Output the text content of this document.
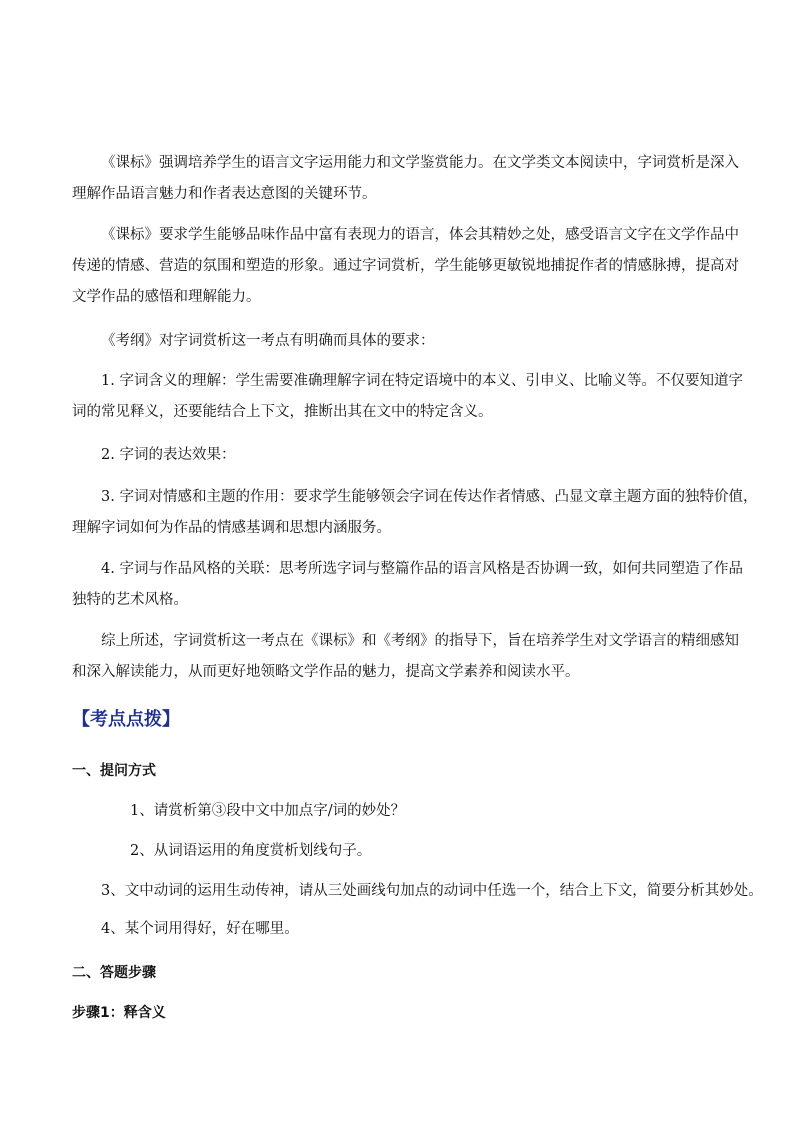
《课标》强调培养学生的语言文字运用能力和文学鉴赏能力。在文学类文本阅读中，字词赏析是深入
理解作品语言魅力和作者表达意图的关键环节。
《课标》要求学生能够品味作品中富有表现力的语言，体会其精妙之处，感受语言文字在文学作品中
传递的情感、营造的氛围和塑造的形象。通过字词赏析，学生能够更敏锐地捕捉作者的情感脉搏，提高对
文学作品的感悟和理解能力。
《考纲》对字词赏析这一考点有明确而具体的要求：
1. 字词含义的理解：学生需要准确理解字词在特定语境中的本义、引申义、比喻义等。不仅要知道字
词的常见释义，还要能结合上下文，推断出其在文中的特定含义。
2. 字词的表达效果：
3. 字词对情感和主题的作用：要求学生能够领会字词在传达作者情感、凸显文章主题方面的独特价值，
理解字词如何为作品的情感基调和思想内涵服务。
4. 字词与作品风格的关联：思考所选字词与整篇作品的语言风格是否协调一致，如何共同塑造了作品
独特的艺术风格。
综上所述，字词赏析这一考点在《课标》和《考纲》的指导下，旨在培养学生对文学语言的精细感知
和深入解读能力，从而更好地领略文学作品的魅力，提高文学素养和阅读水平。
【考点点拨】
一、提问方式
1、请赏析第③段中文中加点字/词的妙处？
2、从词语运用的角度赏析划线句子。
3、文中动词的运用生动传神，请从三处画线句加点的动词中任选一个，结合上下文，简要分析其妙处。
4、某个词用得好，好在哪里。
二、答题步骤
步骤1：释含义
